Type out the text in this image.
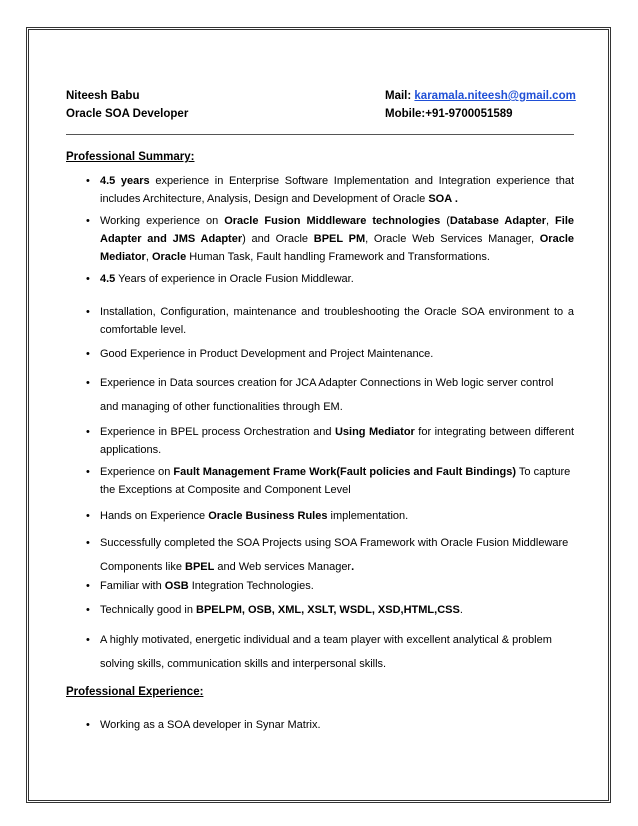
Niteesh Babu
Oracle SOA Developer
Mail: karamala.niteesh@gmail.com
Mobile:+91-9700051589
Professional Summary:
• 4.5 years experience in Enterprise Software Implementation and Integration experience that includes Architecture, Analysis, Design and Development of Oracle SOA .
• Working experience on Oracle Fusion Middleware technologies (Database Adapter, File Adapter and JMS Adapter) and Oracle BPEL PM, Oracle Web Services Manager, Oracle Mediator, Oracle Human Task, Fault handling Framework and Transformations.
• 4.5 Years of experience in Oracle Fusion Middlewar.
• Installation, Configuration, maintenance and troubleshooting the Oracle SOA environment to a comfortable level.
• Good Experience in Product Development and Project Maintenance.
• Experience in Data sources creation for JCA Adapter Connections in Web logic server control and managing of other functionalities through EM.
• Experience in BPEL process Orchestration and Using Mediator for integrating between different applications.
• Experience on Fault Management Frame Work(Fault policies and Fault Bindings) To capture the Exceptions at Composite and Component Level
• Hands on Experience Oracle Business Rules implementation.
• Successfully completed the SOA Projects using SOA Framework with Oracle Fusion Middleware Components like BPEL and Web services Manager.
• Familiar with OSB Integration Technologies.
• Technically good in BPELPM, OSB, XML, XSLT, WSDL, XSD,HTML,CSS.
• A highly motivated, energetic individual and a team player with excellent analytical & problem solving skills, communication skills and interpersonal skills.
Professional Experience:
• Working as a SOA developer in Synar Matrix.
